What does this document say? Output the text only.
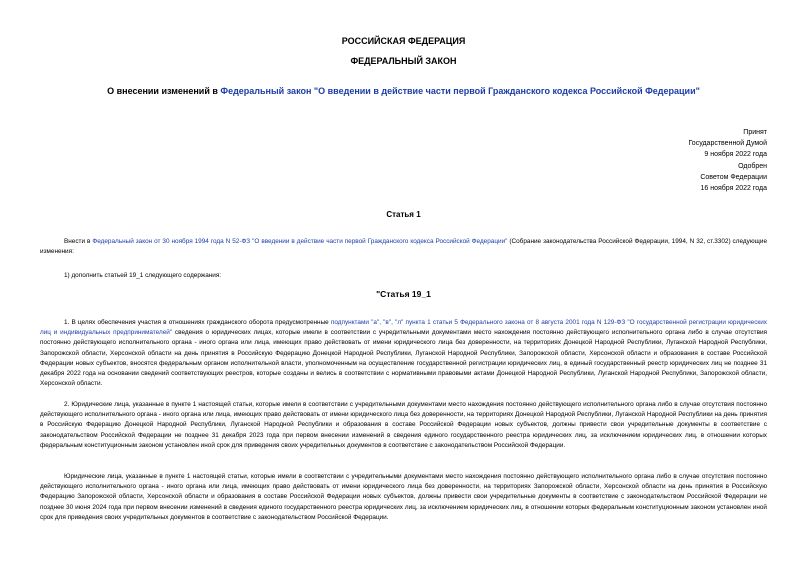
РОССИЙСКАЯ ФЕДЕРАЦИЯ
ФЕДЕРАЛЬНЫЙ ЗАКОН
О внесении изменений в Федеральный закон "О введении в действие части первой Гражданского кодекса Российской Федерации"
Принят
Государственной Думой
9 ноября 2022 года
Одобрен
Советом Федерации
16 ноября 2022 года
Статья 1

Внести в Федеральный закон от 30 ноября 1994 года N 52-ФЗ "О введении в действие части первой Гражданского кодекса Российской Федерации" (Собрание законодательства Российской Федерации, 1994, N 32, ст.3302) следующие изменения:

1) дополнить статьей 19_1 следующего содержания:

"Статья 19_1

1. В целях обеспечения участия в отношениях гражданского оборота предусмотренные подпунктами "а", "в", "л" пункта 1 статьи 5 Федерального закона от 8 августа 2001 года N 129-ФЗ "О государственной регистрации юридических лиц и индивидуальных предпринимателей" сведения о юридических лицах, которые имели в соответствии с учредительными документами место нахождения постоянно действующего исполнительного органа либо в случае отсутствия постоянно действующего исполнительного органа - иного органа или лица, имеющих право действовать от имени юридического лица без доверенности, на территориях Донецкой Народной Республики, Луганской Народной Республики, Запорожской области, Херсонской области на день принятия в Российскую Федерацию Донецкой Народной Республики, Луганской Народной Республики, Запорожской области, Херсонской области и образования в составе Российской Федерации новых субъектов, вносятся федеральным органом исполнительной власти, уполномоченным на осуществление государственной регистрации юридических лиц, в единый государственный реестр юридических лиц не позднее 31 декабря 2022 года на основании сведений соответствующих реестров, которые созданы и велись в соответствии с нормативными правовыми актами Донецкой Народной Республики, Луганской Народной Республики, Запорожской области, Херсонской области.

2. Юридические лица, указанные в пункте 1 настоящей статьи, которые имели в соответствии с учредительными документами место нахождения постоянно действующего исполнительного органа либо в случае отсутствия постоянно действующего исполнительного органа - иного органа или лица, имеющих право действовать от имени юридического лица без доверенности, на территориях Донецкой Народной Республики, Луганской Народной Республики на день принятия в Российскую Федерацию Донецкой Народной Республики, Луганской Народной Республики и образования в составе Российской Федерации новых субъектов, должны привести свои учредительные документы в соответствие с законодательством Российской Федерации не позднее 31 декабря 2023 года при первом внесении изменений в сведения единого государственного реестра юридических лиц, за исключением юридических лиц, в отношении которых федеральным конституционным законом установлен иной срок для приведения своих учредительных документов в соответствие с законодательством Российской Федерации.

Юридические лица, указанные в пункте 1 настоящей статьи, которые имели в соответствии с учредительными документами место нахождения постоянно действующего исполнительного органа либо в случае отсутствия постоянно действующего исполнительного органа - иного органа или лица, имеющих право действовать от имени юридического лица без доверенности, на территориях Запорожской области, Херсонской области на день принятия в Российскую Федерацию Запорожской области, Херсонской области и образования в составе Российской Федерации новых субъектов, должны привести свои учредительные документы в соответствие с законодательством Российской Федерации не позднее 30 июня 2024 года при первом внесении изменений в сведения единого государственного реестра юридических лиц, за исключением юридических лиц, в отношении которых федеральным конституционным законом установлен иной срок для приведения своих учредительных документов в соответствие с законодательством Российской Федерации.
